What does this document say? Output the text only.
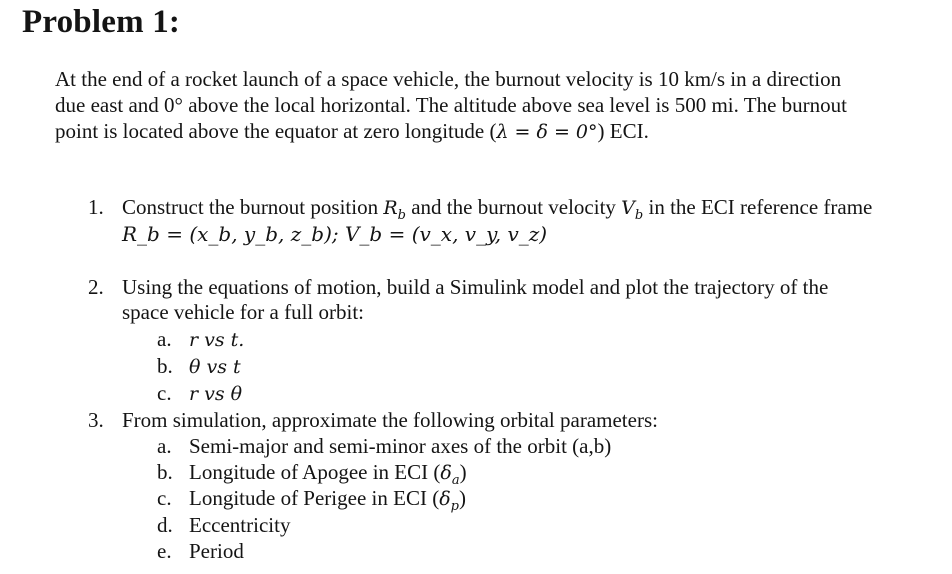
Problem 1:
At the end of a rocket launch of a space vehicle, the burnout velocity is 10 km/s in a direction
due east and 0° above the local horizontal. The altitude above sea level is 500 mi. The burnout
point is located above the equator at zero longitude (λ = δ = 0°) ECI.
1. Construct the burnout position $R_b$ and the burnout velocity $V_b$ in the ECI reference frame
R_b = (x_b, y_b, z_b); V_b = (v_x, v_y, v_z)
2. Using the equations of motion, build a Simulink model and plot the trajectory of the
space vehicle for a full orbit:
a. r vs t.
b. θ vs t
c. r vs θ
3. From simulation, approximate the following orbital parameters:
a. Semi-major and semi-minor axes of the orbit (a,b)
b. Longitude of Apogee in ECI $(\delta_a)$
c. Longitude of Perigee in ECI $(\delta_p)$
d. Eccentricity
e. Period
